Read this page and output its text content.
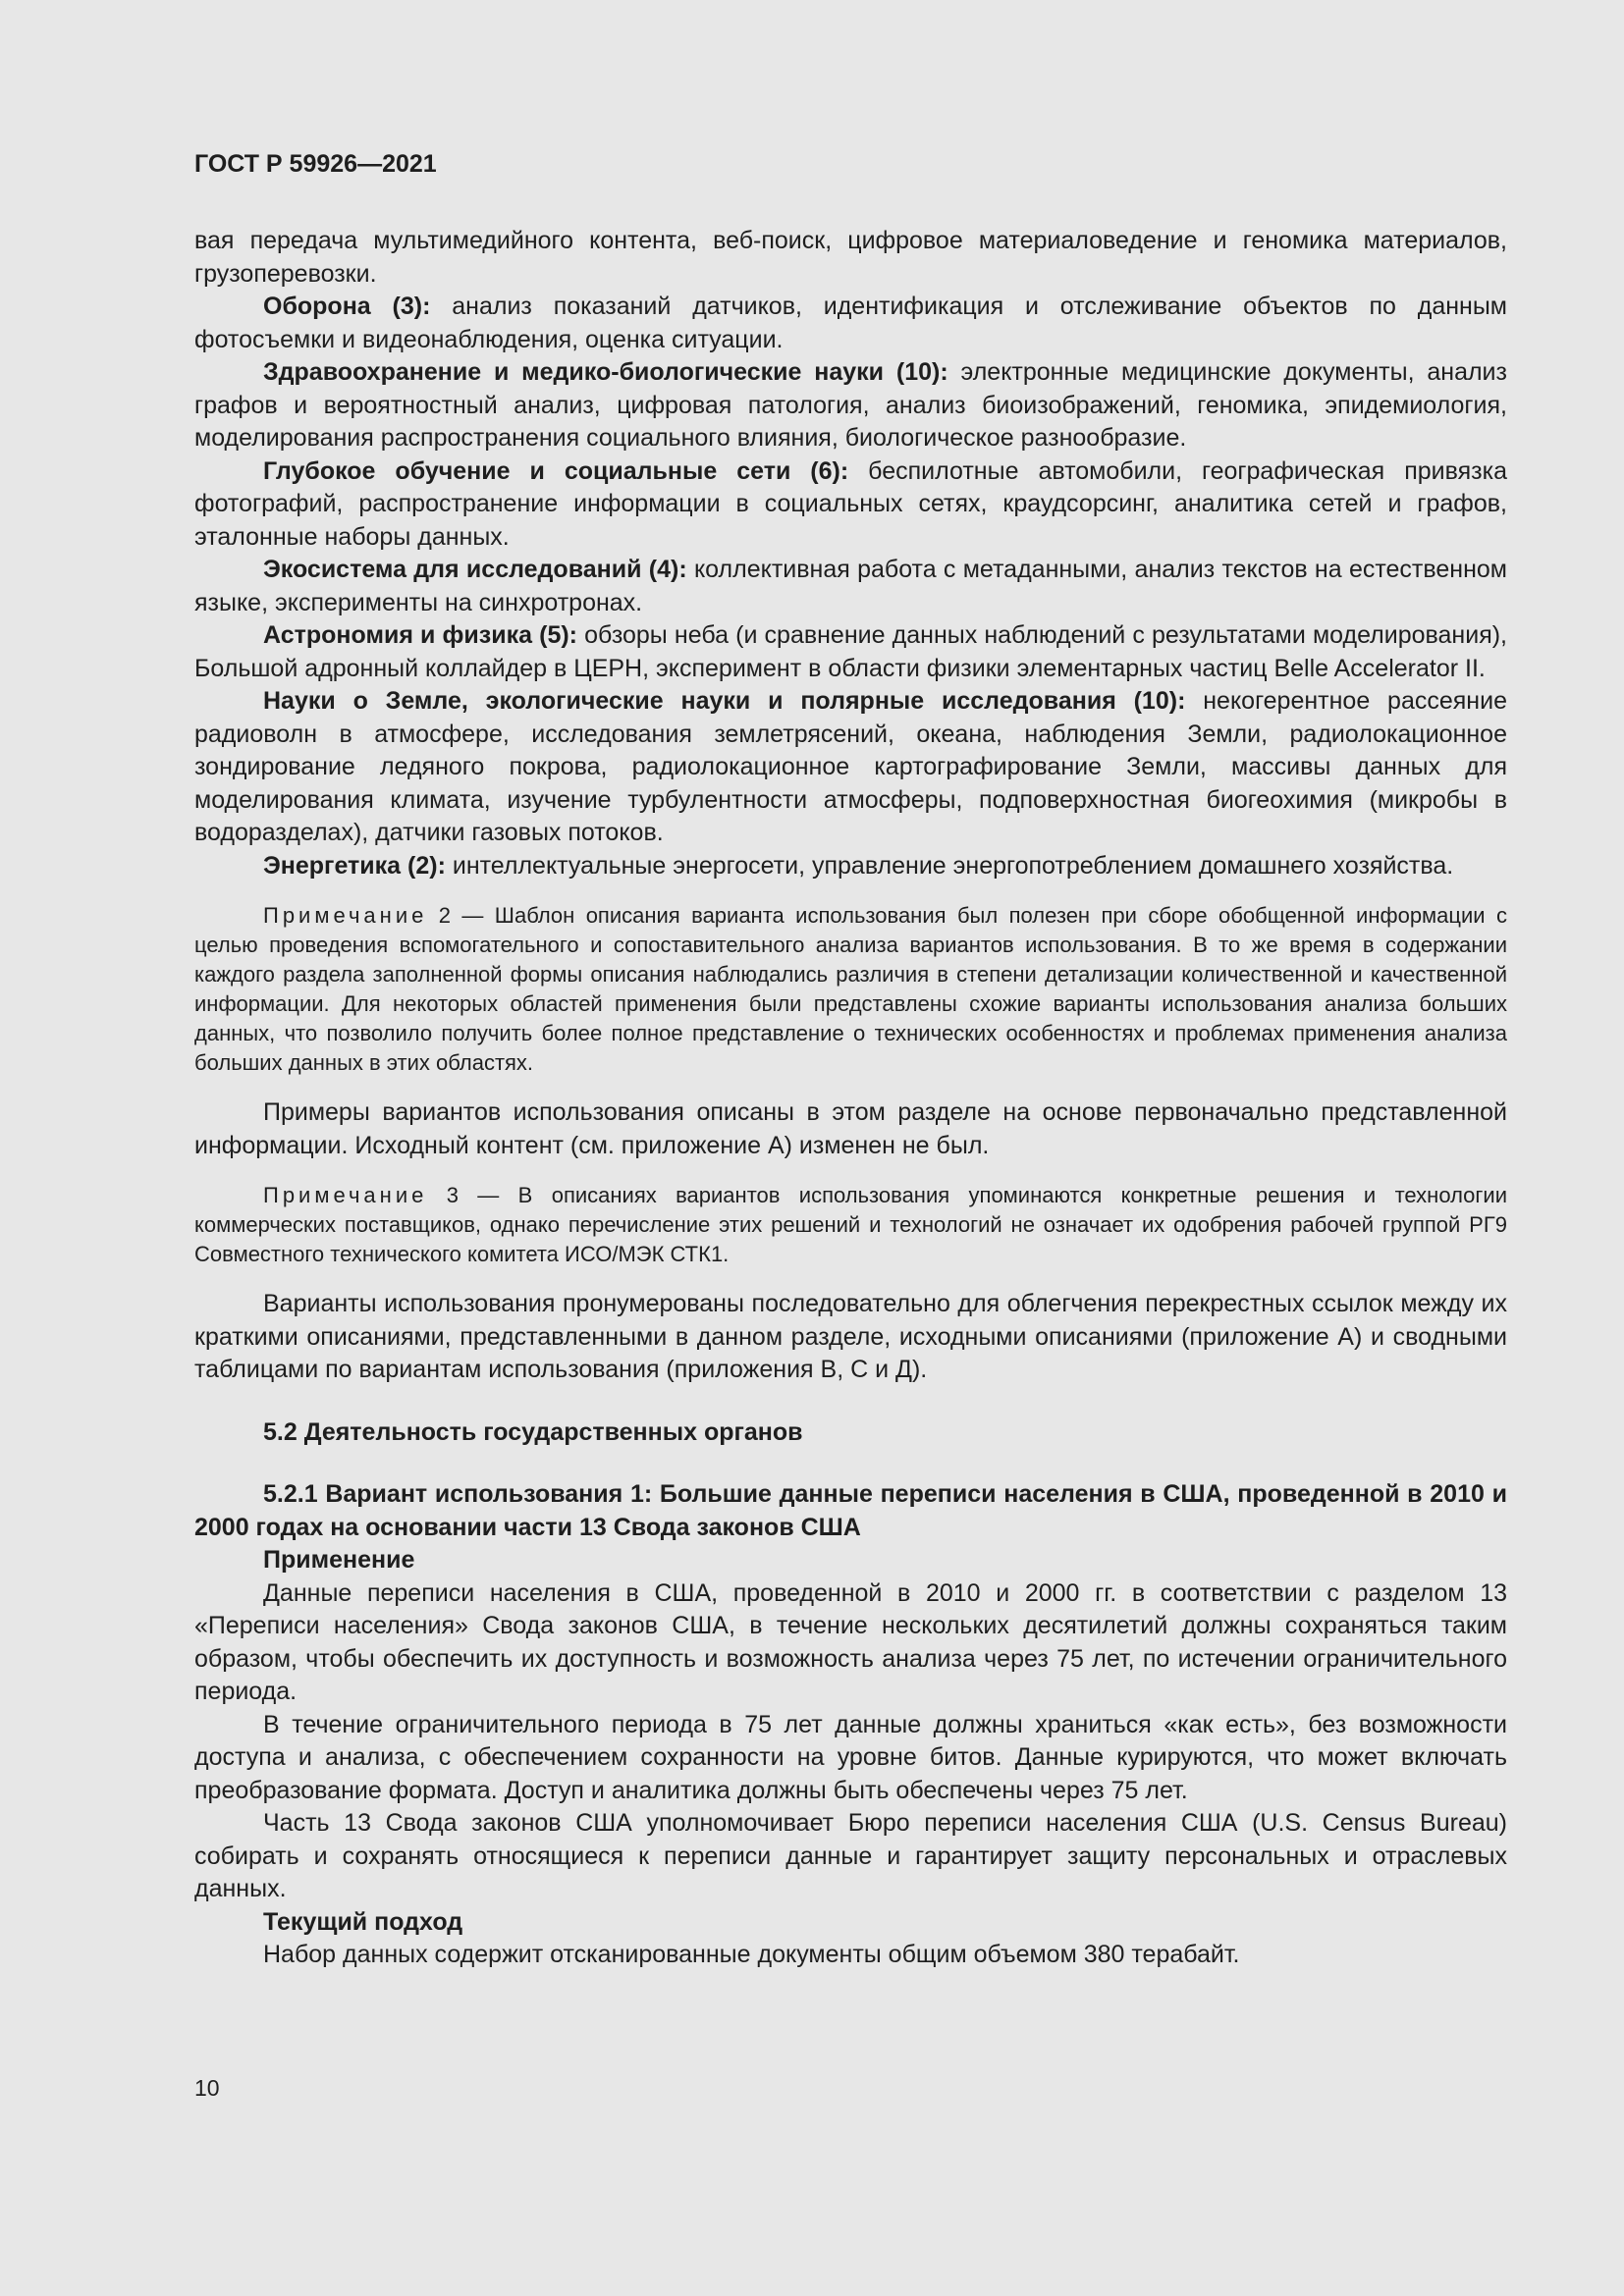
ГОСТ Р 59926—2021

вая передача мультимедийного контента, веб-поиск, цифровое материаловедение и геномика материалов, грузоперевозки.

Оборона (3): анализ показаний датчиков, идентификация и отслеживание объектов по данным фотосъемки и видеонаблюдения, оценка ситуации.

Здравоохранение и медико-биологические науки (10): электронные медицинские документы, анализ графов и вероятностный анализ, цифровая патология, анализ биоизображений, геномика, эпидемиология, моделирования распространения социального влияния, биологическое разнообразие.

Глубокое обучение и социальные сети (6): беспилотные автомобили, географическая привязка фотографий, распространение информации в социальных сетях, краудсорсинг, аналитика сетей и графов, эталонные наборы данных.

Экосистема для исследований (4): коллективная работа с метаданными, анализ текстов на естественном языке, эксперименты на синхротронах.

Астрономия и физика (5): обзоры неба (и сравнение данных наблюдений с результатами моделирования), Большой адронный коллайдер в ЦЕРН, эксперимент в области физики элементарных частиц Belle Accelerator II.

Науки о Земле, экологические науки и полярные исследования (10): некогерентное рассеяние радиоволн в атмосфере, исследования землетрясений, океана, наблюдения Земли, радиолокационное зондирование ледяного покрова, радиолокационное картографирование Земли, массивы данных для моделирования климата, изучение турбулентности атмосферы, подповерхностная биогеохимия (микробы в водоразделах), датчики газовых потоков.

Энергетика (2): интеллектуальные энергосети, управление энергопотреблением домашнего хозяйства.

Примечание 2 — Шаблон описания варианта использования был полезен при сборе обобщенной информации с целью проведения вспомогательного и сопоставительного анализа вариантов использования. В то же время в содержании каждого раздела заполненной формы описания наблюдались различия в степени детализации количественной и качественной информации. Для некоторых областей применения были представлены схожие варианты использования анализа больших данных, что позволило получить более полное представление о технических особенностях и проблемах применения анализа больших данных в этих областях.

Примеры вариантов использования описаны в этом разделе на основе первоначально представленной информации. Исходный контент (см. приложение А) изменен не был.

Примечание 3 — В описаниях вариантов использования упоминаются конкретные решения и технологии коммерческих поставщиков, однако перечисление этих решений и технологий не означает их одобрения рабочей группой РГ9 Совместного технического комитета ИСО/МЭК СТК1.

Варианты использования пронумерованы последовательно для облегчения перекрестных ссылок между их краткими описаниями, представленными в данном разделе, исходными описаниями (приложение А) и сводными таблицами по вариантам использования (приложения В, С и Д).

5.2 Деятельность государственных органов

5.2.1 Вариант использования 1: Большие данные переписи населения в США, проведенной в 2010 и 2000 годах на основании части 13 Свода законов США

Применение

Данные переписи населения в США, проведенной в 2010 и 2000 гг. в соответствии с разделом 13 «Переписи населения» Свода законов США, в течение нескольких десятилетий должны сохраняться таким образом, чтобы обеспечить их доступность и возможность анализа через 75 лет, по истечении ограничительного периода.

В течение ограничительного периода в 75 лет данные должны храниться «как есть», без возможности доступа и анализа, с обеспечением сохранности на уровне битов. Данные курируются, что может включать преобразование формата. Доступ и аналитика должны быть обеспечены через 75 лет.

Часть 13 Свода законов США уполномочивает Бюро переписи населения США (U.S. Census Bureau) собирать и сохранять относящиеся к переписи данные и гарантирует защиту персональных и отраслевых данных.

Текущий подход

Набор данных содержит отсканированные документы общим объемом 380 терабайт.

10
